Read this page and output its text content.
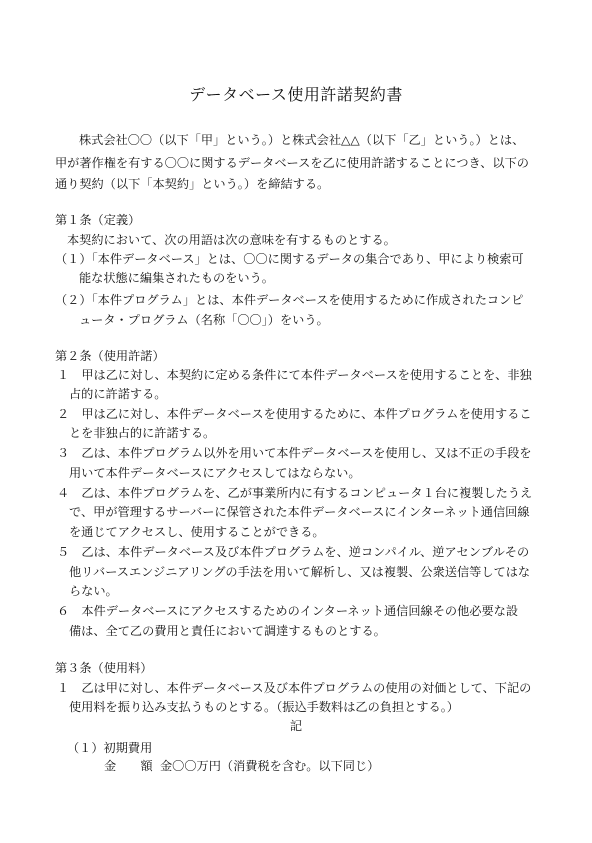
データベース使用許諾契約書
株式会社〇〇（以下「甲」という。）と株式会社△△（以下「乙」という。）とは、
甲が著作権を有する〇〇に関するデータベースを乙に使用許諾することにつき、以下の
通り契約（以下「本契約」という。）を締結する。
第１条（定義）
本契約において、次の用語は次の意味を有するものとする。
（１）「本件データベース」とは、〇〇に関するデータの集合であり、甲により検索可
能な状態に編集されたものをいう。
（２）「本件プログラム」とは、本件データベースを使用するために作成されたコンピ
ュータ・プログラム（名称「〇〇」）をいう。
第２条（使用許諾）
１　甲は乙に対し、本契約に定める条件にて本件データベースを使用することを、非独
占的に許諾する。
２　甲は乙に対し、本件データベースを使用するために、本件プログラムを使用するこ
とを非独占的に許諾する。
３　乙は、本件プログラム以外を用いて本件データベースを使用し、又は不正の手段を
用いて本件データベースにアクセスしてはならない。
４　乙は、本件プログラムを、乙が事業所内に有するコンピュータ１台に複製したうえ
で、甲が管理するサーバーに保管された本件データベースにインターネット通信回線
を通じてアクセスし、使用することができる。
５　乙は、本件データベース及び本件プログラムを、逆コンパイル、逆アセンブルその
他リバースエンジニアリングの手法を用いて解析し、又は複製、公衆送信等してはな
らない。
６　本件データベースにアクセスするためのインターネット通信回線その他必要な設
備は、全て乙の費用と責任において調達するものとする。
第３条（使用料）
１　乙は甲に対し、本件データベース及び本件プログラムの使用の対価として、下記の
使用料を振り込み支払うものとする。（振込手数料は乙の負担とする。）
記
（１）初期費用
金　　額 金〇〇万円（消費税を含む。以下同じ）
